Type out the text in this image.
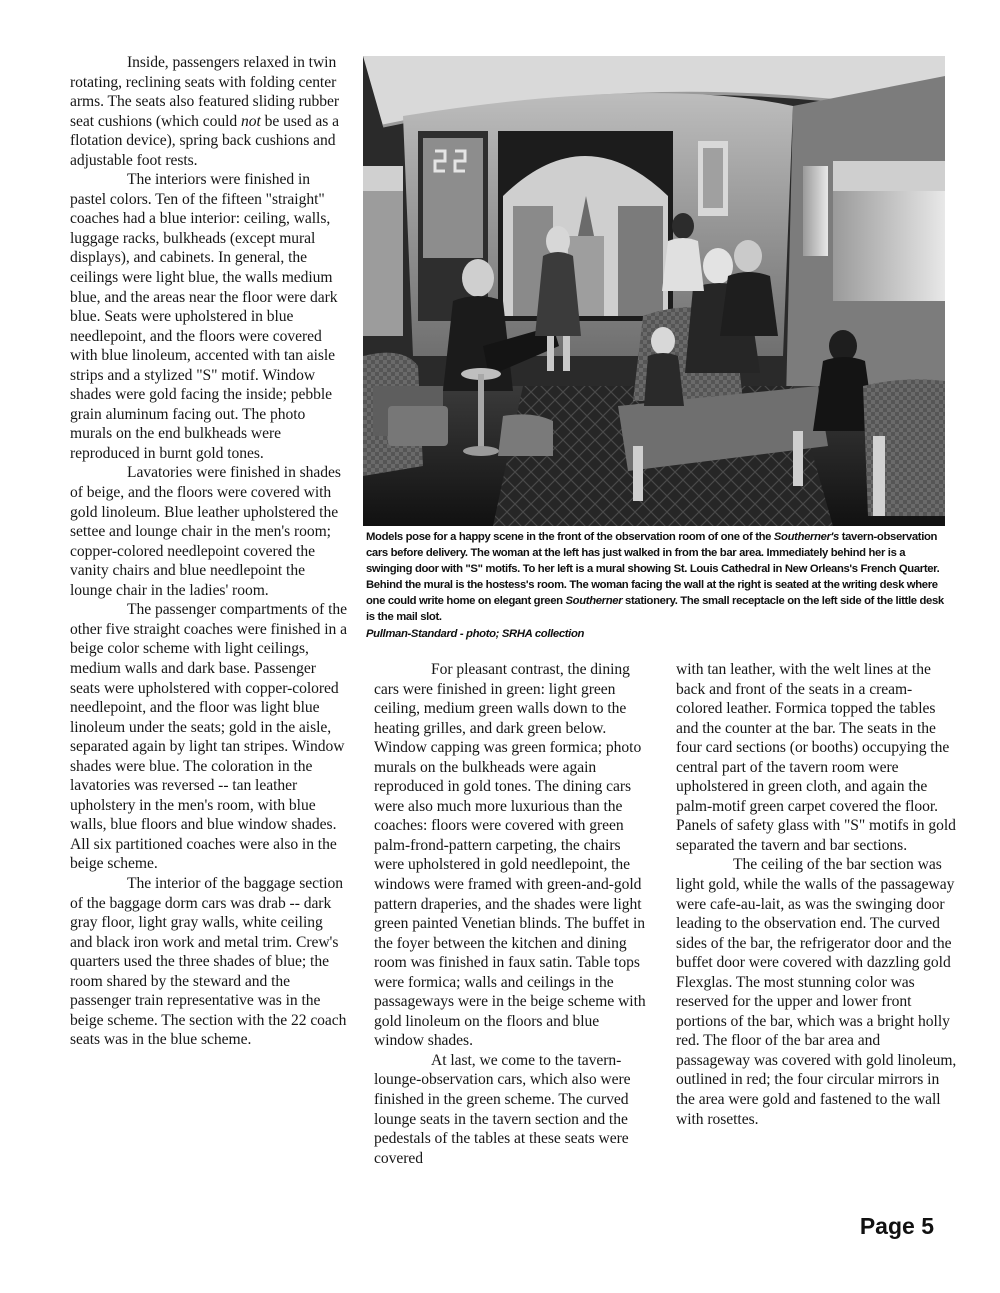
Inside, passengers relaxed in twin rotating, reclining seats with folding center arms. The seats also featured sliding rubber seat cushions (which could not be used as a flotation device), spring back cushions and adjustable foot rests.

The interiors were finished in pastel colors. Ten of the fifteen "straight" coaches had a blue interior: ceiling, walls, luggage racks, bulkheads (except mural displays), and cabinets. In general, the ceilings were light blue, the walls medium blue, and the areas near the floor were dark blue. Seats were upholstered in blue needlepoint, and the floors were covered with blue linoleum, accented with tan aisle strips and a stylized "S" motif. Window shades were gold facing the inside; pebble grain aluminum facing out. The photo murals on the end bulkheads were reproduced in burnt gold tones.

Lavatories were finished in shades of beige, and the floors were covered with gold linoleum. Blue leather upholstered the settee and lounge chair in the men's room; copper-colored needlepoint covered the vanity chairs and blue needlepoint the lounge chair in the ladies' room.

The passenger compartments of the other five straight coaches were finished in a beige color scheme with light ceilings, medium walls and dark base. Passenger seats were upholstered with copper-colored needlepoint, and the floor was light blue linoleum under the seats; gold in the aisle, separated again by light tan stripes. Window shades were blue. The coloration in the lavatories was reversed -- tan leather upholstery in the men's room, with blue walls, blue floors and blue window shades. All six partitioned coaches were also in the beige scheme.

The interior of the baggage section of the baggage dorm cars was drab -- dark gray floor, light gray walls, white ceiling and black iron work and metal trim. Crew's quarters used the three shades of blue; the room shared by the steward and the passenger train representative was in the beige scheme. The section with the 22 coach seats was in the blue scheme.

Models pose for a happy scene in the front of the observation room of one of the Southerner's tavern-observation cars before delivery. The woman at the left has just walked in from the bar area. Immediately behind her is a swinging door with "S" motifs. To her left is a mural showing St. Louis Cathedral in New Orleans's French Quarter. Behind the mural is the hostess's room. The woman facing the wall at the right is seated at the writing desk where one could write home on elegant green Southerner stationery. The small receptacle on the left side of the little desk is the mail slot.
Pullman-Standard - photo; SRHA collection

For pleasant contrast, the dining cars were finished in green: light green ceiling, medium green walls down to the heating grilles, and dark green below. Window capping was green formica; photo murals on the bulkheads were again reproduced in gold tones. The dining cars were also much more luxurious than the coaches: floors were covered with green palm-frond-pattern carpeting, the chairs were upholstered in gold needlepoint, the windows were framed with green-and-gold pattern draperies, and the shades were light green painted Venetian blinds. The buffet in the foyer between the kitchen and dining room was finished in faux satin. Table tops were formica; walls and ceilings in the passageways were in the beige scheme with gold linoleum on the floors and blue window shades.

At last, we come to the tavern-lounge-observation cars, which also were finished in the green scheme. The curved lounge seats in the tavern section and the pedestals of the tables at these seats were covered

with tan leather, with the welt lines at the back and front of the seats in a cream-colored leather. Formica topped the tables and the counter at the bar. The seats in the four card sections (or booths) occupying the central part of the tavern room were upholstered in green cloth, and again the palm-motif green carpet covered the floor. Panels of safety glass with "S" motifs in gold separated the tavern and bar sections.

The ceiling of the bar section was light gold, while the walls of the passageway were cafe-au-lait, as was the swinging door leading to the observation end. The curved sides of the bar, the refrigerator door and the buffet door were covered with dazzling gold Flexglas. The most stunning color was reserved for the upper and lower front portions of the bar, which was a bright holly red. The floor of the bar area and passageway was covered with gold linoleum, outlined in red; the four circular mirrors in the area were gold and fastened to the wall with rosettes.

Page 5
